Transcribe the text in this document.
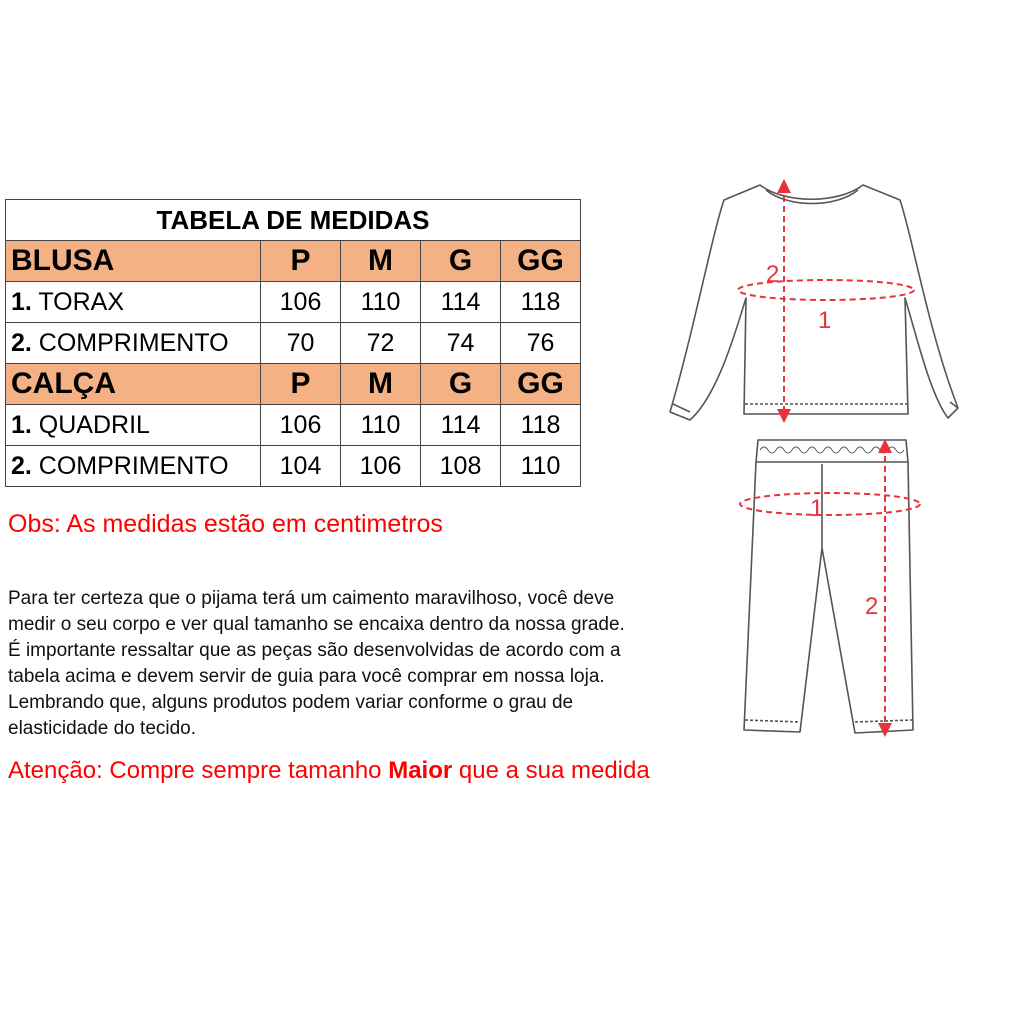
TABELA DE MEDIDAS				
BLUSA	P	M	G	GG
1. TORAX	106	110	114	118
2. COMPRIMENTO	70	72	74	76
CALÇA	P	M	G	GG
1. QUADRIL	106	110	114	118
2. COMPRIMENTO	104	106	108	110
Obs: As medidas estão em centimetros
Para ter certeza que o pijama terá um caimento maravilhoso, você deve
medir o seu corpo e ver qual tamanho se encaixa dentro da nossa grade.
É importante ressaltar que as peças são desenvolvidas de acordo com a
tabela acima e devem servir de guia para você comprar em nossa loja.
Lembrando que, alguns produtos podem variar conforme o grau de
elasticidade do tecido.
Atenção: Compre sempre tamanho Maior que a sua medida
1
2
1
2
